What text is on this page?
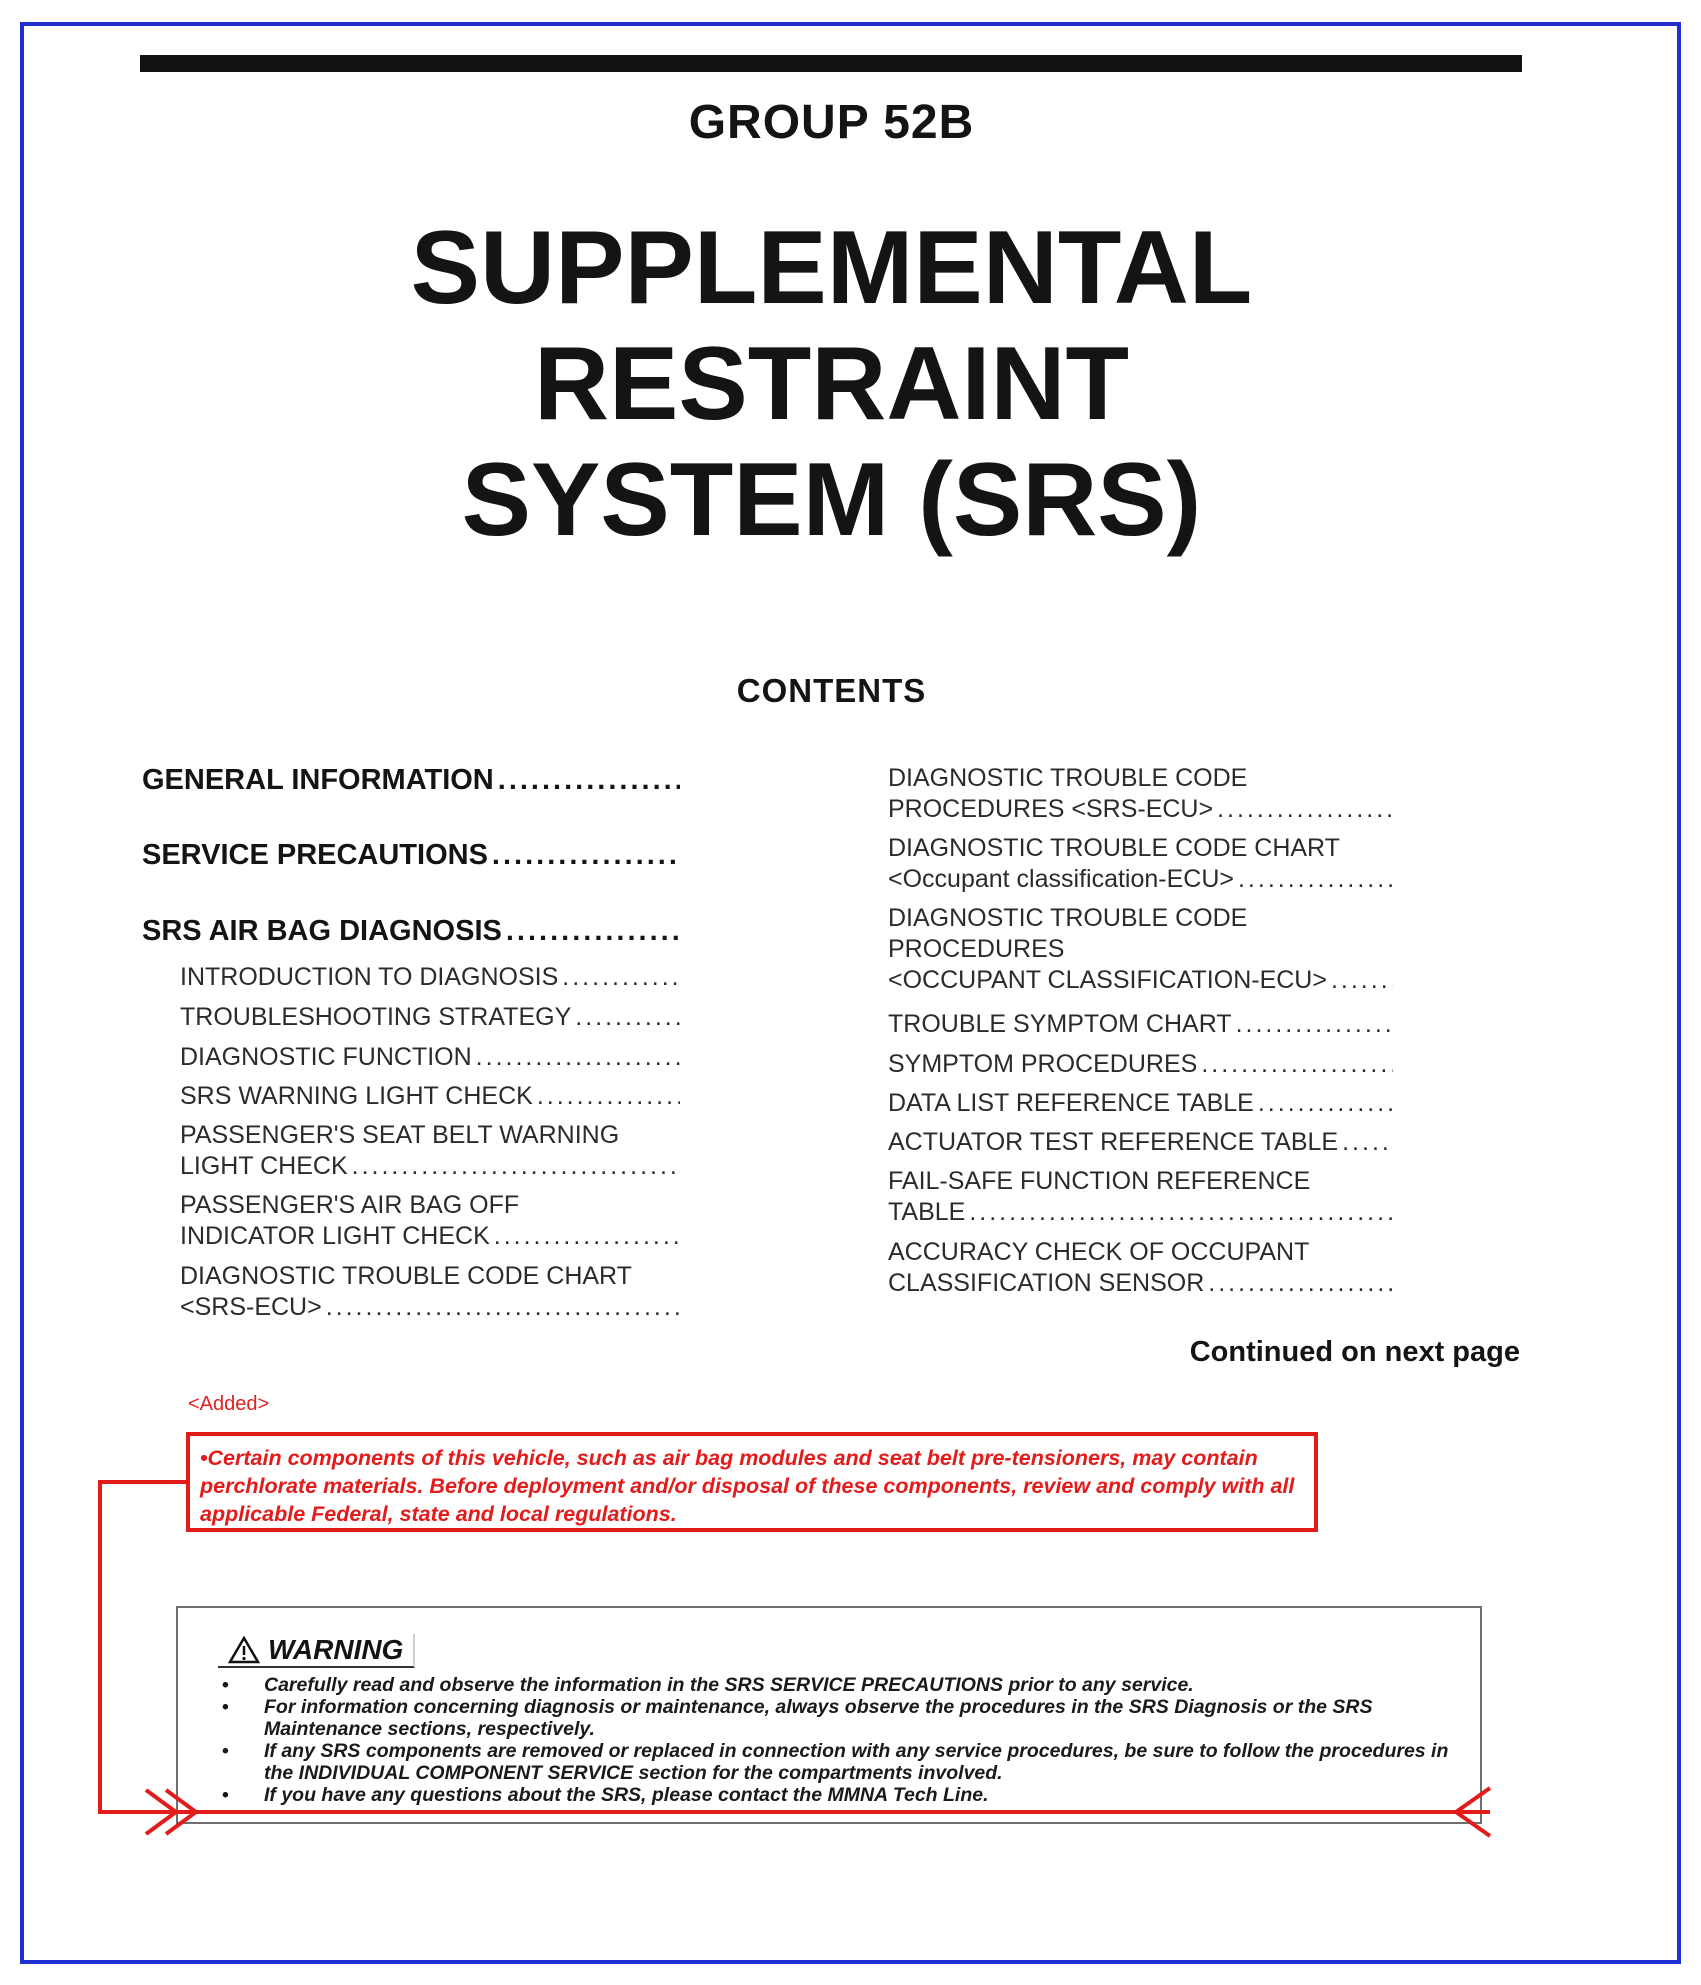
GROUP 52B
SUPPLEMENTAL
RESTRAINT
SYSTEM (SRS)
CONTENTS
GENERAL INFORMATION
.....
SERVICE PRECAUTIONS
.....
SRS AIR BAG DIAGNOSIS
.....
INTRODUCTION TO DIAGNOSIS
.....
TROUBLESHOOTING STRATEGY
.....
DIAGNOSTIC FUNCTION
.....
SRS WARNING LIGHT CHECK
.....
PASSENGER'S SEAT BELT WARNING
LIGHT CHECK
.....
PASSENGER'S AIR BAG OFF
INDICATOR LIGHT CHECK
.....
DIAGNOSTIC TROUBLE CODE CHART
<SRS-ECU>
.....
DIAGNOSTIC TROUBLE CODE
PROCEDURES <SRS-ECU>
.....
DIAGNOSTIC TROUBLE CODE CHART
<Occupant classification-ECU>
.....
DIAGNOSTIC TROUBLE CODE
PROCEDURES
<OCCUPANT CLASSIFICATION-ECU>
.....
TROUBLE SYMPTOM CHART
.....
SYMPTOM PROCEDURES
.....
DATA LIST REFERENCE TABLE
.....
ACTUATOR TEST REFERENCE TABLE
.....
FAIL-SAFE FUNCTION REFERENCE
TABLE
.....
ACCURACY CHECK OF OCCUPANT
CLASSIFICATION SENSOR
.....
Continued on next page
<Added>
•Certain components of this vehicle, such as air bag modules and seat belt pre-tensioners, may contain perchlorate materials. Before deployment and/or disposal of these components, review and comply with all applicable Federal, state and local regulations.
WARNING
• Carefully read and observe the information in the SRS SERVICE PRECAUTIONS prior to any service.
• For information concerning diagnosis or maintenance, always observe the procedures in the SRS Diagnosis or the SRS Maintenance sections, respectively.
• If any SRS components are removed or replaced in connection with any service procedures, be sure to follow the procedures in the INDIVIDUAL COMPONENT SERVICE section for the compartments involved.
• If you have any questions about the SRS, please contact the MMNA Tech Line.
